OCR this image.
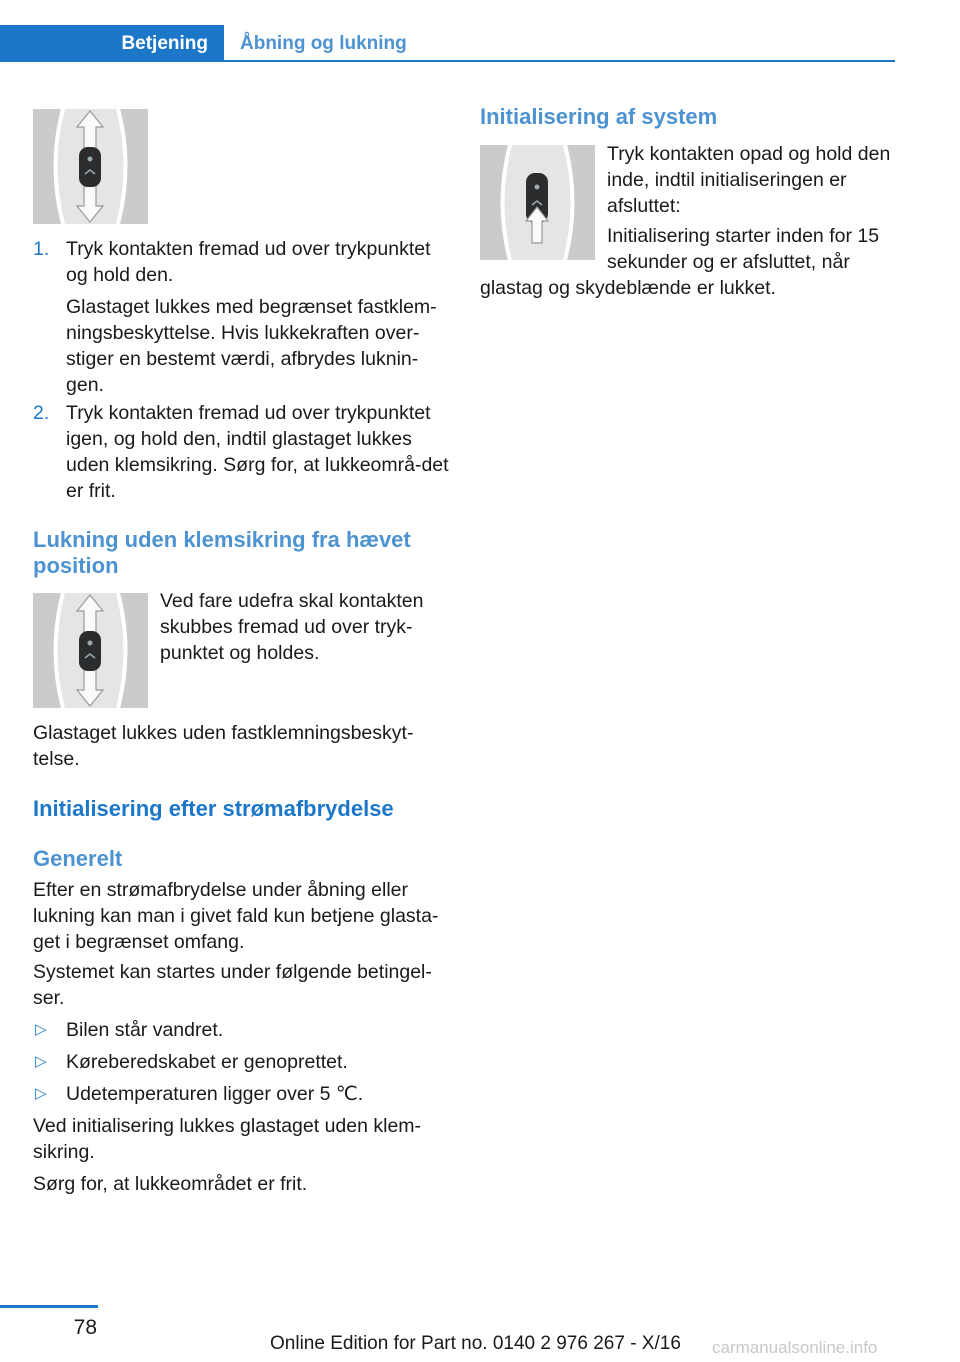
Betjening	Åbning og lukning
1. Tryk kontakten fremad ud over trykpunktet og hold den.

Glastaget lukkes med begrænset fastklem‐ningsbeskyttelse. Hvis lukkekraften over‐stiger en bestemt værdi, afbrydes luknin‐gen.

2. Tryk kontakten fremad ud over trykpunktet igen, og hold den, indtil glastaget lukkes uden klemsikring. Sørg for, at lukkeområ‐det er frit.

Lukning uden klemsikring fra hævet position

Ved fare udefra skal kontakten skubbes fremad ud over tryk‐punktet og holdes.

Glastaget lukkes uden fastklemningsbeskyt‐telse.

Initialisering efter strømafbrydelse
Generelt

Efter en strømafbrydelse under åbning eller lukning kan man i givet fald kun betjene glasta‐get i begrænset omfang.

Systemet kan startes under følgende betingel‐ser.

▷ Bilen står vandret.

▷ Køreberedskabet er genoprettet.

▷ Udetemperaturen ligger over 5 ℃.

Ved initialisering lukkes glastaget uden klem‐sikring.

Sørg for, at lukkeområdet er frit.

Initialisering af system

Tryk kontakten opad og hold den inde, indtil initialiseringen er afsluttet:

Initialisering starter inden for 15 sekunder og er afsluttet, når glastag og skydeblænde er lukket.

78
Online Edition for Part no. 0140 2 976 267 - X/16 carmanualsonline.info
